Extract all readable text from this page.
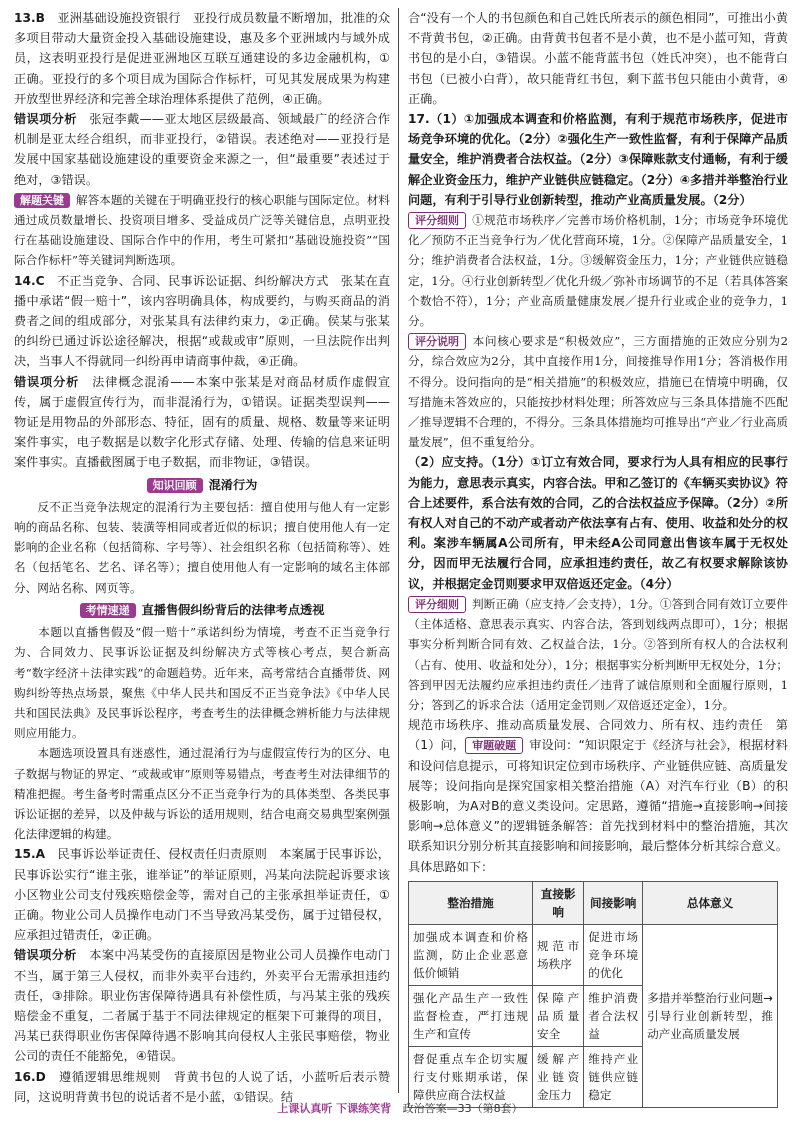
13.B　 亚洲基础设施投资银行　亚投行成员数量不断增加，批准的众多项目带动大量资金投入基础设施建设，惠及多个亚洲域内与域外成员，这表明亚投行是促进亚洲地区互联互通建设的多边金融机构，①正确。亚投行的多个项目成为国际合作标杆，可见其发展成果为构建开放型世界经济和完善全球治理体系提供了范例，④正确。

错误项分析　 张冠李戴——亚太地区层级最高、领域最广的经济合作机制是亚太经合组织，而非亚投行，②错误。表述绝对——亚投行是发展中国家基础设施建设的重要资金来源之一，但“最重要”表述过于绝对，③错误。

解题关键 解答本题的关键在于明确亚投行的核心职能与国际定位。材料通过成员数量增长、投资项目增多、受益成员广泛等关键信息，点明亚投行在基础设施建设、国际合作中的作用，考生可紧扣“基础设施投资”“国际合作标杆”等关键词判断选项。

14.C　 不正当竞争、合同、民事诉讼证据、纠纷解决方式　张某在直播中承诺“假一赔十”，该内容明确具体，构成要约，与购买商品的消费者之间的组成部分，对张某具有法律约束力，②正确。侯某与张某的纠纷已通过诉讼途径解决，根据“或裁或审”原则，一旦法院作出判决，当事人不得就同一纠纷再申请商事仲裁，④正确。

错误项分析　 法律概念混淆——本案中张某是对商品材质作虚假宣传，属于虚假宣传行为，而非混淆行为，①错误。证据类型误判——物证是用物品的外部形态、特征，固有的质量、规格、数量等来证明案件事实，电子数据是以数字化形式存储、处理、传输的信息来证明案件事实。直播截图属于电子数据，而非物证，③错误。

知识回顾 混淆行为

　　反不正当竞争法规定的混淆行为主要包括：擅自使用与他人有一定影响的商品名称、包装、装潢等相同或者近似的标识；擅自使用他人有一定影响的企业名称（包括简称、字号等）、社会组织名称（包括简称等）、姓名（包括笔名、艺名、译名等）；擅自使用他人有一定影响的域名主体部分、网站名称、网页等。

考情速递 直播售假纠纷背后的法律考点透视

　　本题以直播售假及“假一赔十”承诺纠纷为情境，考查不正当竞争行为、合同效力、民事诉讼证据及纠纷解决方式等核心考点，契合新高考“数字经济＋法律实践”的命题趋势。近年来，高考常结合直播带货、网购纠纷等热点场景，聚焦《中华人民共和国反不正当竞争法》《中华人民共和国民法典》及民事诉讼程序，考查考生的法律概念辨析能力与法律规则应用能力。

　　本题选项设置具有迷惑性，通过混淆行为与虚假宣传行为的区分、电子数据与物证的界定、“或裁或审”原则等易错点，考查考生对法律细节的精准把握。考生备考时需重点区分不正当竞争行为的具体类型、各类民事诉讼证据的差异，以及仲裁与诉讼的适用规则，结合电商交易典型案例强化法律逻辑的构建。

15.A　 民事诉讼举证责任、侵权责任归责原则　本案属于民事诉讼，民事诉讼实行“谁主张，谁举证”的举证原则，冯某向法院起诉要求该小区物业公司支付残疾赔偿金等，需对自己的主张承担举证责任，①正确。物业公司人员操作电动门不当导致冯某受伤，属于过错侵权，应承担过错责任，②正确。

错误项分析　 本案中冯某受伤的直接原因是物业公司人员操作电动门不当，属于第三人侵权，而非外卖平台违约，外卖平台无需承担违约责任，③排除。职业伤害保障待遇具有补偿性质，与冯某主张的残疾赔偿金不重复，二者属于基于不同法律规定的框架下可兼得的项目，冯某已获得职业伤害保障待遇不影响其向侵权人主张民事赔偿，物业公司的责任不能豁免，④错误。

16.D　 遵循逻辑思维规则　背黄书包的人说了话，小蓝听后表示赞同，这说明背黄书包的说话者不是小蓝，①错误。结

合“没有一个人的书包颜色和自己姓氏所表示的颜色相同”，可推出小黄不背黄书包，②正确。由背黄书包者不是小黄，也不是小蓝可知，背黄书包的是小白，③错误。小蓝不能背蓝书包（姓氏冲突），也不能背白书包（已被小白背），故只能背红书包，剩下蓝书包只能由小黄背，④正确。

17.（1）①加强成本调查和价格监测，有利于规范市场秩序，促进市场竞争环境的优化。（2分）②强化生产一致性监督，有利于保障产品质量安全，维护消费者合法权益。（2分）③保障账款支付通畅，有利于缓解企业资金压力，维护产业链供应链稳定。（2分）④多措并举整治行业问题，有利于引导行业创新转型，推动产业高质量发展。（2分）

评分细则 ①规范市场秩序／完善市场价格机制，1分；市场竞争环境优化／预防不正当竞争行为／优化营商环境，1分。②保障产品质量安全，1分；维护消费者合法权益，1分。③缓解资金压力，1分；产业链供应链稳定，1分。④行业创新转型／优化升级／弥补市场调节的不足（若具体答案个数恰不符），1分；产业高质量健康发展／提升行业或企业的竞争力，1分。

评分说明 本问核心要求是“积极效应”，三方面措施的正效应分别为2分，综合效应为2分，其中直接作用1分，间接推导作用1分；答消极作用不得分。设问指向的是“相关措施”的积极效应，措施已在情境中明确，仅写措施未答效应的，只能按抄材料处理；所答效应与三条具体措施不匹配／推导逻辑不合理的，不得分。三条具体措施均可推导出“产业／行业高质量发展”，但不重复给分。

（2）应支持。（1分）①订立有效合同，要求行为人具有相应的民事行为能力，意思表示真实，内容合法。甲和乙签订的《车辆买卖协议》符合上述要件，系合法有效的合同，乙的合法权益应予保障。（2分）②所有权人对自己的不动产或者动产依法享有占有、使用、收益和处分的权利。案涉车辆属A公司所有，甲未经A公司同意出售该车属于无权处分，因而甲无法履行合同，应承担违约责任，故乙有权要求解除该协议，并根据定金罚则要求甲双倍返还定金。（4分）

评分细则 判断正确（应支持／会支持），1分。①答到合同有效订立要件（主体适格、意思表示真实、内容合法，答到划线两点即可），1分；根据事实分析判断合同有效、乙权益合法，1分。②答到所有权人的合法权利（占有、使用、收益和处分），1分；根据事实分析判断甲无权处分，1分；答到甲因无法履约应承担违约责任／违背了诚信原则和全面履行原则，1分；答到乙的诉求合法（适用定金罚则／双倍返还定金），1分。

规范市场秩序、推动高质量发展、合同效力、所有权、违约责任　第（1）问， 审题破题 审设问：“知识限定于《经济与社会》，根据材料和设问信息提示，可将知识定位到市场秩序、产业链供应链、高质量发展等；设问指向是探究国家相关整治措施（A）对汽车行业（B）的积极影响，为A对B的意义类设问。定思路，遵循“措施→直接影响→间接影响→总体意义”的逻辑链条解答：首先找到材料中的整治措施，其次联系知识分别分析其直接影响和间接影响，最后整体分析其综合意义。具体思路如下：

整治措施	直接影响	间接影响	总体意义
加强成本调查和价格监测，防止企业恶意低价倾销	规范市场秩序	促进市场竞争环境的优化	多措并举整治行业问题→引导行业创新转型，推动产业高质量发展
强化产品生产一致性监督检查，严打违规生产和宣传	保障产品质量安全	维护消费者合法权益	
督促重点车企切实履行支付账期承诺，保障供应商合法权益	缓解产业链资金压力	维持产业链供应链稳定	
上课认真听 下课练笑背 政治答案—33（第8套）
